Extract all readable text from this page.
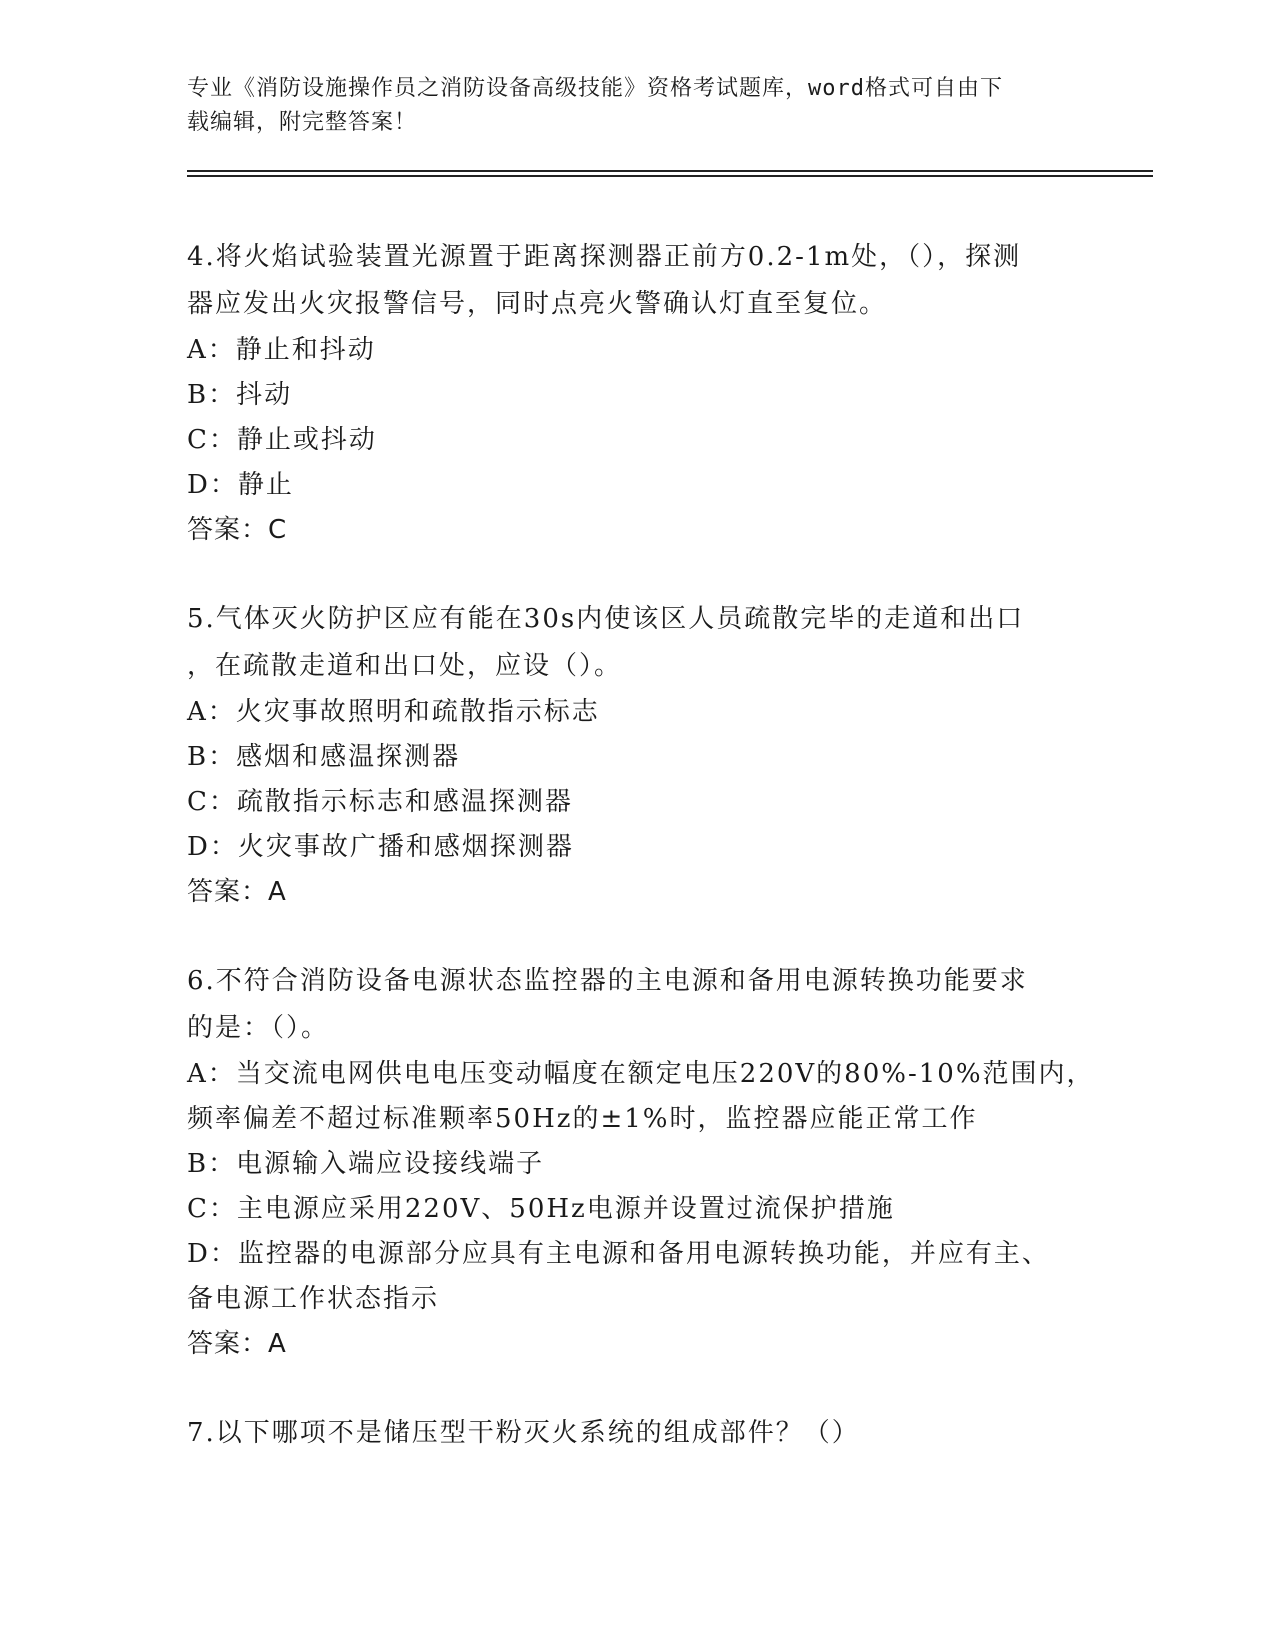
专业《消防设施操作员之消防设备高级技能》资格考试题库，word格式可自由下
载编辑，附完整答案！
4.将火焰试验装置光源置于距离探测器正前方0.2-1m处，（），探测
器应发出火灾报警信号，同时点亮火警确认灯直至复位。
A：静止和抖动
B：抖动
C：静止或抖动
D：静止
答案：C
5.气体灭火防护区应有能在30s内使该区人员疏散完毕的走道和出口
，在疏散走道和出口处，应设（）。
A：火灾事故照明和疏散指示标志
B：感烟和感温探测器
C：疏散指示标志和感温探测器
D：火灾事故广播和感烟探测器
答案：A
6.不符合消防设备电源状态监控器的主电源和备用电源转换功能要求
的是：（）。
A：当交流电网供电电压变动幅度在额定电压220V的80%-10%范围内，
频率偏差不超过标准颗率50Hz的±1%时，监控器应能正常工作
B：电源输入端应设接线端子
C：主电源应采用220V、50Hz电源并设置过流保护措施
D：监控器的电源部分应具有主电源和备用电源转换功能，并应有主、
备电源工作状态指示
答案：A
7.以下哪项不是储压型干粉灭火系统的组成部件？（）
